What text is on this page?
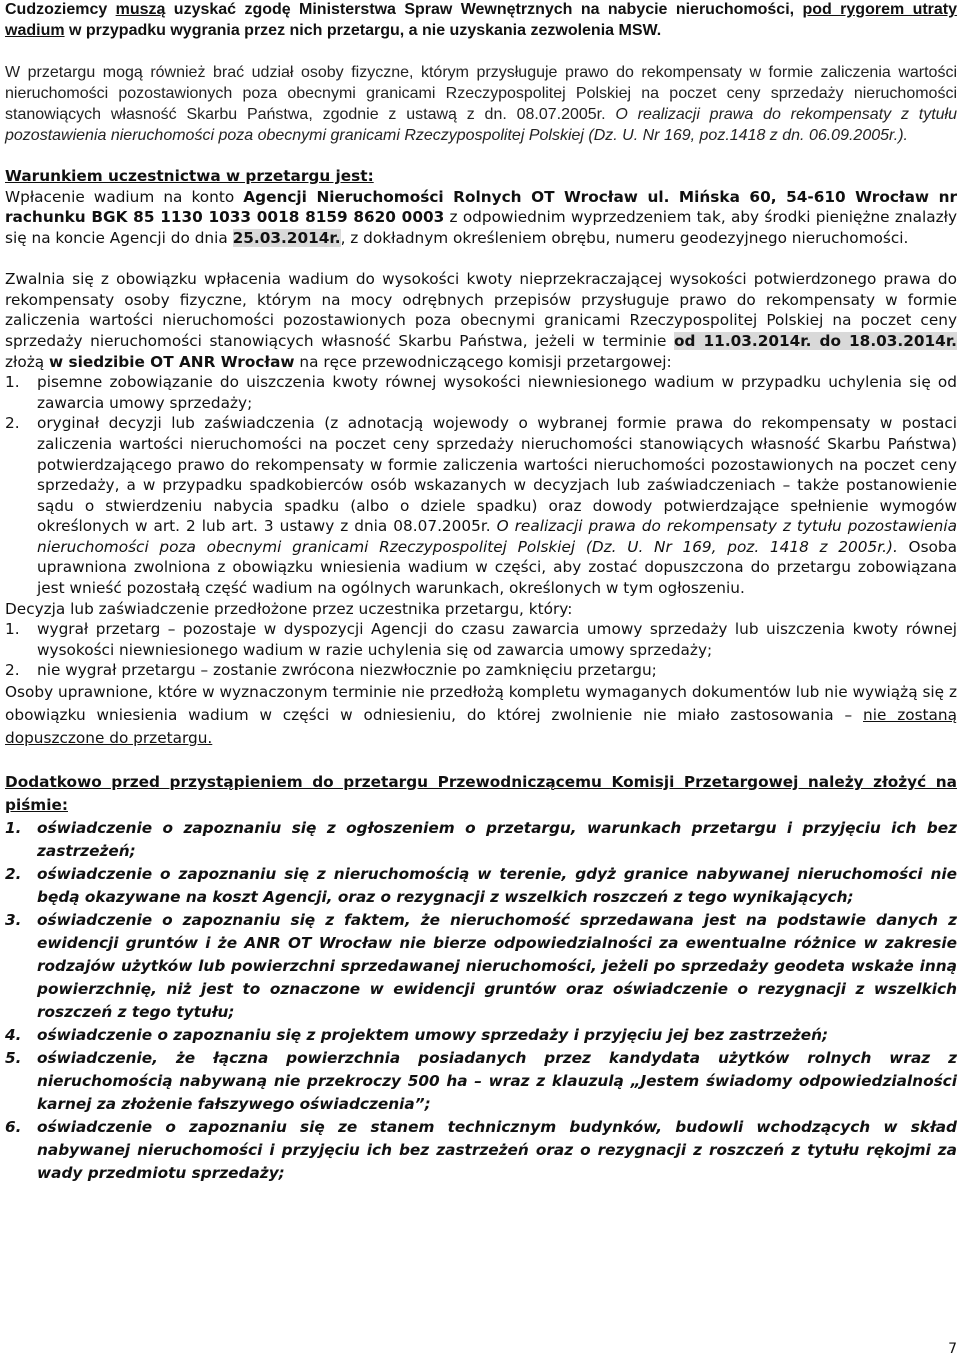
Cudzoziemcy muszą uzyskać zgodę Ministerstwa Spraw Wewnętrznych na nabycie nieruchomości, pod rygorem utraty wadium w przypadku wygrania przez nich przetargu, a nie uzyskania zezwolenia MSW.

W przetargu mogą również brać udział osoby fizyczne, którym przysługuje prawo do rekompensaty w formie zaliczenia wartości nieruchomości pozostawionych poza obecnymi granicami Rzeczypospolitej Polskiej na poczet ceny sprzedaży nieruchomości stanowiących własność Skarbu Państwa, zgodnie z ustawą z dn. 08.07.2005r. O realizacji prawa do rekompensaty z tytułu pozostawienia nieruchomości poza obecnymi granicami Rzeczypospolitej Polskiej (Dz. U. Nr 169, poz.1418 z dn. 06.09.2005r.).

Warunkiem uczestnictwa w przetargu jest:

Wpłacenie wadium na konto Agencji Nieruchomości Rolnych OT Wrocław ul. Mińska 60, 54-610 Wrocław nr rachunku BGK 85 1130 1033 0018 8159 8620 0003 z odpowiednim wyprzedzeniem tak, aby środki pieniężne znalazły się na koncie Agencji do dnia 25.03.2014r., z dokładnym określeniem obrębu, numeru geodezyjnego nieruchomości.

Zwalnia się z obowiązku wpłacenia wadium do wysokości kwoty nieprzekraczającej wysokości potwierdzonego prawa do rekompensaty osoby fizyczne, którym na mocy odrębnych przepisów przysługuje prawo do rekompensaty w formie zaliczenia wartości nieruchomości pozostawionych poza obecnymi granicami Rzeczypospolitej Polskiej na poczet ceny sprzedaży nieruchomości stanowiących własność Skarbu Państwa, jeżeli w terminie od 11.03.2014r. do 18.03.2014r. złożą w siedzibie OT ANR Wrocław na ręce przewodniczącego komisji przetargowej:

1.	pisemne zobowiązanie do uiszczenia kwoty równej wysokości niewniesionego wadium w przypadku uchylenia się od zawarcia umowy sprzedaży;
2.	oryginał decyzji lub zaświadczenia (z adnotacją wojewody o wybranej formie prawa do rekompensaty w postaci zaliczenia wartości nieruchomości na poczet ceny sprzedaży nieruchomości stanowiących własność Skarbu Państwa) potwierdzającego prawo do rekompensaty w formie zaliczenia wartości nieruchomości pozostawionych na poczet ceny sprzedaży, a w przypadku spadkobierców osób wskazanych w decyzjach lub zaświadczeniach – także postanowienie sądu o stwierdzeniu nabycia spadku (albo o dziele spadku) oraz dowody potwierdzające spełnienie wymogów określonych w art. 2 lub art. 3 ustawy z dnia 08.07.2005r. O realizacji prawa do rekompensaty z tytułu pozostawienia nieruchomości poza obecnymi granicami Rzeczypospolitej Polskiej (Dz. U. Nr 169, poz. 1418 z 2005r.). Osoba uprawniona zwolniona z obowiązku wniesienia wadium w części, aby zostać dopuszczona do przetargu zobowiązana jest wnieść pozostałą część wadium na ogólnych warunkach, określonych w tym ogłoszeniu.

Decyzja lub zaświadczenie przedłożone przez uczestnika przetargu, który:

1.	wygrał przetarg – pozostaje w dyspozycji Agencji do czasu zawarcia umowy sprzedaży lub uiszczenia kwoty równej wysokości niewniesionego wadium w razie uchylenia się od zawarcia umowy sprzedaży;
2.	nie wygrał przetargu – zostanie zwrócona niezwłocznie po zamknięciu przetargu;

Osoby uprawnione, które w wyznaczonym terminie nie przedłożą kompletu wymaganych dokumentów lub nie wywiążą się z obowiązku wniesienia wadium w części w odniesieniu, do której zwolnienie nie miało zastosowania – nie zostaną dopuszczone do przetargu.

Dodatkowo przed przystąpieniem do przetargu Przewodniczącemu Komisji Przetargowej należy złożyć na piśmie:

1.	oświadczenie o zapoznaniu się z ogłoszeniem o przetargu, warunkach przetargu i przyjęciu ich bez zastrzeżeń;
2.	oświadczenie o zapoznaniu się z nieruchomością w terenie, gdyż granice nabywanej nieruchomości nie będą okazywane na koszt Agencji, oraz o rezygnacji z wszelkich roszczeń z tego wynikających;
3.	oświadczenie o zapoznaniu się z faktem, że nieruchomość sprzedawana jest na podstawie danych z ewidencji gruntów i że ANR OT Wrocław nie bierze odpowiedzialności za ewentualne różnice w zakresie rodzajów użytków lub powierzchni sprzedawanej nieruchomości, jeżeli po sprzedaży geodeta wskaże inną powierzchnię, niż jest to oznaczone w ewidencji gruntów oraz oświadczenie o rezygnacji z wszelkich roszczeń z tego tytułu;
4.	oświadczenie o zapoznaniu się z projektem umowy sprzedaży i przyjęciu jej bez zastrzeżeń;
5.	oświadczenie, że łączna powierzchnia posiadanych przez kandydata użytków rolnych wraz z nieruchomością nabywaną nie przekroczy 500 ha – wraz z klauzulą „Jestem świadomy odpowiedzialności karnej za złożenie fałszywego oświadczenia”;
6.	oświadczenie o zapoznaniu się ze stanem technicznym budynków, budowli wchodzących w skład nabywanej nieruchomości i przyjęciu ich bez zastrzeżeń oraz o rezygnacji z roszczeń z tytułu rękojmi za wady przedmiotu sprzedaży;
7
